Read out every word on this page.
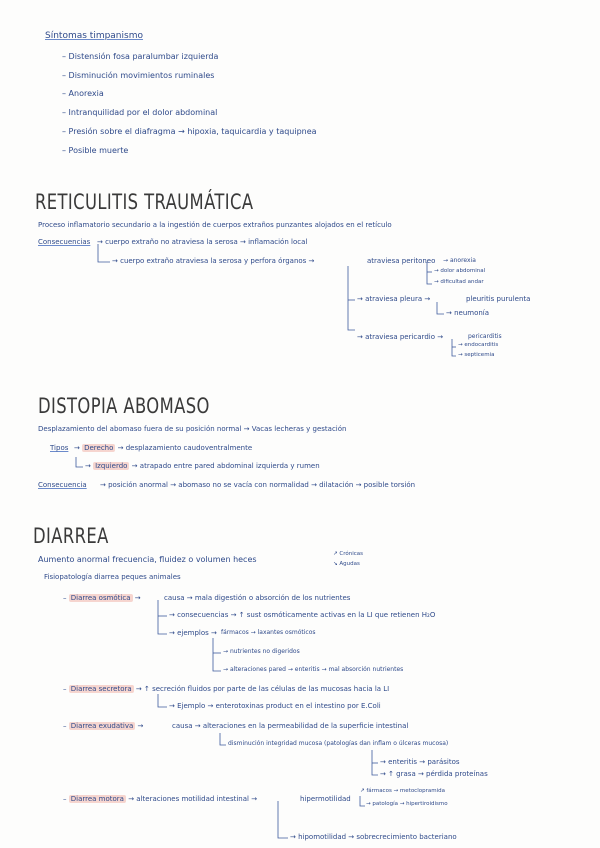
Síntomas timpanismo
– Distensión fosa paralumbar izquierda
– Disminución movimientos ruminales
– Anorexia
– Intranquilidad por el dolor abdominal
– Presión sobre el diafragma → hipoxia, taquicardia y taquipnea
– Posible muerte
RETICULITIS TRAUMÁTICA
Proceso inflamatorio secundario a la ingestión de cuerpos extraños punzantes alojados en el retículo
Consecuencias → cuerpo extraño no atraviesa la serosa → inflamación local
→ cuerpo extraño atraviesa la serosa y perfora órganos →	atraviesa peritoneo → anorexia
→ dolor abdominal
→ dificultad andar
→ atraviesa pleura →	pleuritis purulenta
→ neumonía
→ atraviesa pericardio →	pericarditis
→ endocarditis
→ septicemia
DISTOPIA ABOMASO
Desplazamiento del abomaso fuera de su posición normal → Vacas lecheras y gestación
Tipos → Derecho → desplazamiento caudoventralmente
→ Izquierdo → atrapado entre pared abdominal izquierda y rumen
Consecuencia → posición anormal → abomaso no se vacía con normalidad → dilatación → posible torsión
DIARREA
Aumento anormal frecuencia, fluidez o volumen heces
↗ Crónicas
↘ Agudas
Fisiopatología diarrea peques animales
– Diarrea osmótica →	causa → mala digestión o absorción de los nutrientes
→ consecuencias → ↑ sust osmóticamente activas en la LI que retienen H₂O
→ ejemplos → fármacos → laxantes osmóticos
→ nutrientes no digeridos
→ alteraciones pared → enteritis → mal absorción nutrientes
– Diarrea secretora → ↑ secreción fluidos por parte de las células de las mucosas hacia la LI
→ Ejemplo → enterotoxinas product en el intestino por E.Coli
– Diarrea exudativa →	causa → alteraciones en la permeabilidad de la superficie intestinal
disminución integridad mucosa (patologías dan inflam o úlceras mucosa)
→ enteritis → parásitos
→ ↑ grasa → pérdida proteínas
– Diarrea motora → alteraciones motilidad intestinal →	hipermotilidad
↗ fármacos → metoclopramida
→ patología → hipertiroidismo
→ hipomotilidad → sobrecrecimiento bacteriano
